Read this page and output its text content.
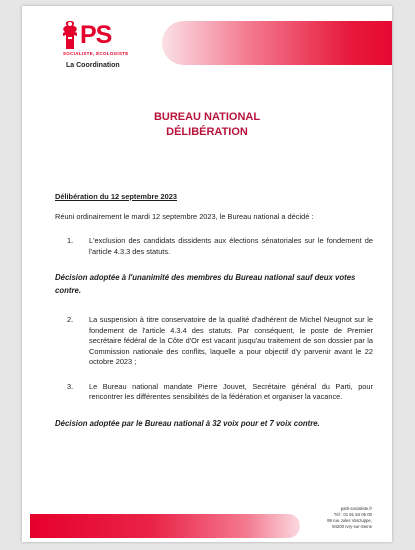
PS
SOCIALISTE, ÉCOLOGISTE
La Coordination
BUREAU NATIONAL
DÉLIBÉRATION

Délibération du 12 septembre 2023

Réuni ordinairement le mardi 12 septembre 2023, le Bureau national a décidé :

1.	L'exclusion des candidats dissidents aux élections sénatoriales sur le fondement de l'article 4.3.3 des statuts.

Décision adoptée à l'unanimité des membres du Bureau national sauf deux votes contre.

2.	La suspension à titre conservatoire de la qualité d'adhérent de Michel Neugnot sur le fondement de l'article 4.3.4 des statuts. Par conséquent, le poste de Premier secrétaire fédéral de la Côte d'Or est vacant jusqu'au traitement de son dossier par la Commission nationale des conflits, laquelle a pour objectif d'y parvenir avant le 22 octobre 2023 ;
3.	Le Bureau national mandate Pierre Jouvet, Secrétaire général du Parti, pour rencontrer les différentes sensibilités de la fédération et organiser la vacance.

Décision adoptée par le Bureau national à 32 voix pour et 7 voix contre.

parti-socialiste.fr
Tél : 01 81 94 05 00
99 rue Jules Vanzuppe,
94200 Ivry-sur-Seine
